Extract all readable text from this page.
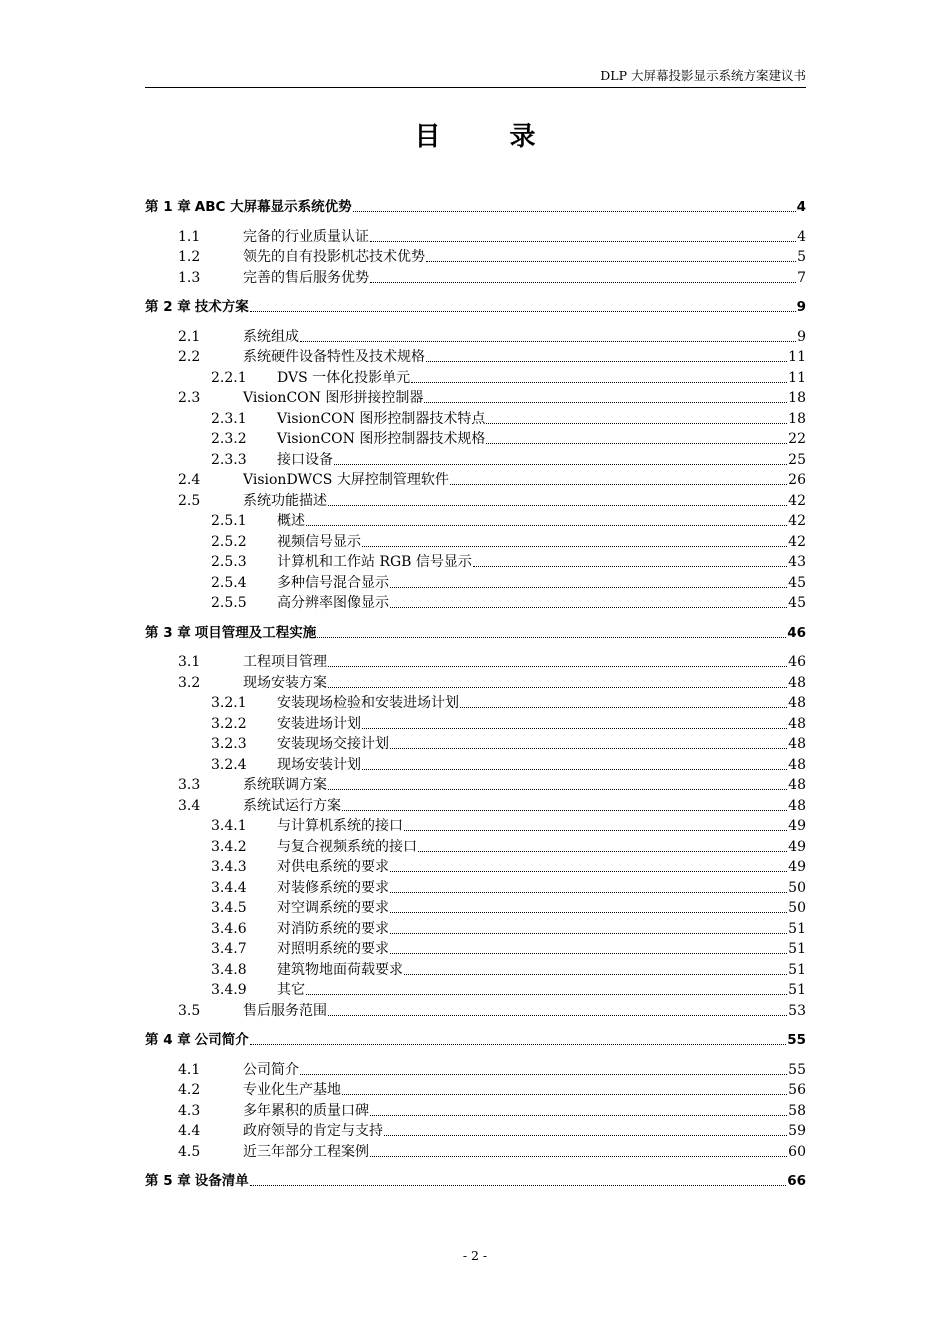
DLP 大屏幕投影显示系统方案建议书
目 录
第 1 章 ABC 大屏幕显示系统优势	4
1.1	完备的行业质量认证	4
1.2	领先的自有投影机芯技术优势	5
1.3	完善的售后服务优势	7
第 2 章 技术方案	9
2.1	系统组成	9
2.2	系统硬件设备特性及技术规格	11
2.2.1	DVS 一体化投影单元	11
2.3	VisionCON 图形拼接控制器	18
2.3.1	VisionCON 图形控制器技术特点	18
2.3.2	VisionCON 图形控制器技术规格	22
2.3.3	接口设备	25
2.4	VisionDWCS 大屏控制管理软件	26
2.5	系统功能描述	42
2.5.1	概述	42
2.5.2	视频信号显示	42
2.5.3	计算机和工作站 RGB 信号显示	43
2.5.4	多种信号混合显示	45
2.5.5	高分辨率图像显示	45
第 3 章 项目管理及工程实施	46
3.1	工程项目管理	46
3.2	现场安装方案	48
3.2.1	安装现场检验和安装进场计划	48
3.2.2	安装进场计划	48
3.2.3	安装现场交接计划	48
3.2.4	现场安装计划	48
3.3	系统联调方案	48
3.4	系统试运行方案	48
3.4.1	与计算机系统的接口	49
3.4.2	与复合视频系统的接口	49
3.4.3	对供电系统的要求	49
3.4.4	对装修系统的要求	50
3.4.5	对空调系统的要求	50
3.4.6	对消防系统的要求	51
3.4.7	对照明系统的要求	51
3.4.8	建筑物地面荷载要求	51
3.4.9	其它	51
3.5	售后服务范围	53
第 4 章 公司简介	55
4.1	公司简介	55
4.2	专业化生产基地	56
4.3	多年累积的质量口碑	58
4.4	政府领导的肯定与支持	59
4.5	近三年部分工程案例	60
第 5 章 设备清单	66
- 2 -
